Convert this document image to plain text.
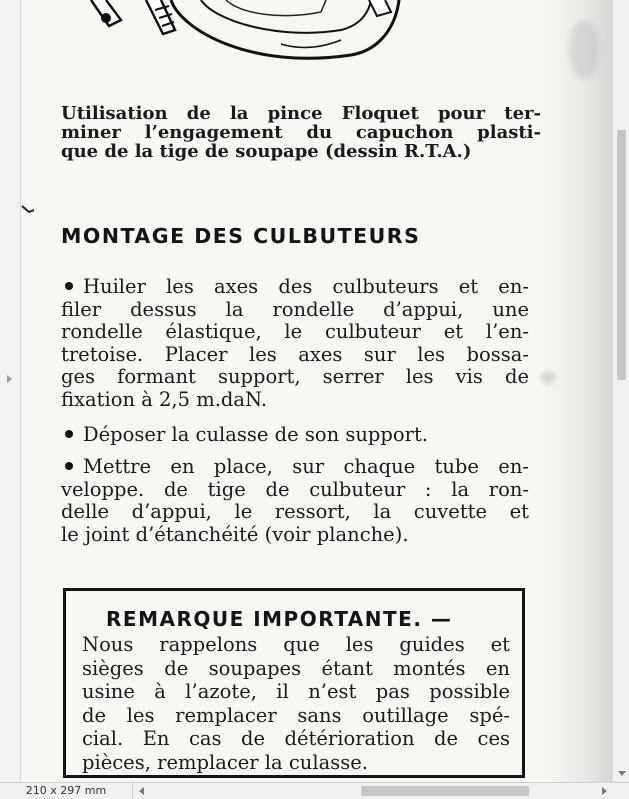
Utilisation de la pince Floquet pour ter-
miner l’engagement du capuchon plasti-
que de la tige de soupape (dessin R.T.A.)
MONTAGE DES CULBUTEURS
Huiler les axes des culbuteurs et en-
filer dessus la rondelle d’appui, une
rondelle élastique, le culbuteur et l’en-
tretoise. Placer les axes sur les bossa-
ges formant support, serrer les vis de
fixation à 2,5 m.daN.
Déposer la culasse de son support.
Mettre en place, sur chaque tube en-
veloppe. de tige de culbuteur : la ron-
delle d’appui, le ressort, la cuvette et
le joint d’étanchéité (voir planche).
REMARQUE IMPORTANTE. —
Nous rappelons que les guides et
sièges de soupapes étant montés en
usine à l’azote, il n’est pas possible
de les remplacer sans outillage spé-
cial. En cas de détérioration de ces
pièces, remplacer la culasse.
210 x 297 mm
